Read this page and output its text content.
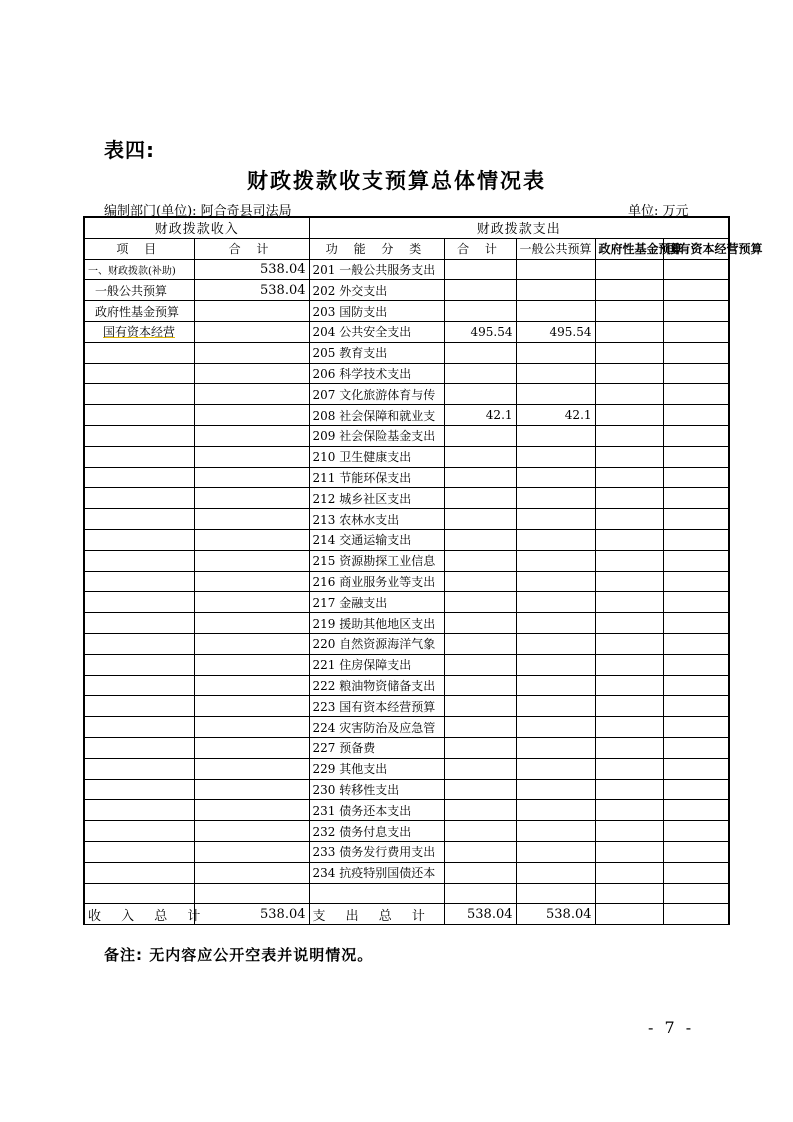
表四:
财政拨款收支预算总体情况表
编制部门(单位): 阿合奇县司法局	单位: 万元
财政拨款收入		财政拨款支出				
项 目	合 计	功 能 分 类	合 计	一般公共预算	政府性基金预算	国有资本经营预算
一、财政拨款(补助)	538.04	201 一般公共服务支出				
一般公共预算	538.04	202 外交支出				
政府性基金预算		203 国防支出				
国有资本经营		204 公共安全支出	495.54	495.54		
		205 教育支出				
		206 科学技术支出				
		207 文化旅游体育与传				
		208 社会保障和就业支	42.1	42.1		
		209 社会保险基金支出				
		210 卫生健康支出				
		211 节能环保支出				
		212 城乡社区支出				
		213 农林水支出				
		214 交通运输支出				
		215 资源勘探工业信息				
		216 商业服务业等支出				
		217 金融支出				
		219 援助其他地区支出				
		220 自然资源海洋气象				
		221 住房保障支出				
		222 粮油物资储备支出				
		223 国有资本经营预算				
		224 灾害防治及应急管				
		227 预备费				
		229 其他支出				
		230 转移性支出				
		231 债务还本支出				
		232 债务付息支出				
		233 债务发行费用支出				
		234 抗疫特别国债还本				

收 入 总 计	538.04	支 出 总 计	538.04	538.04		
备注: 无内容应公开空表并说明情况。
- 7 -
